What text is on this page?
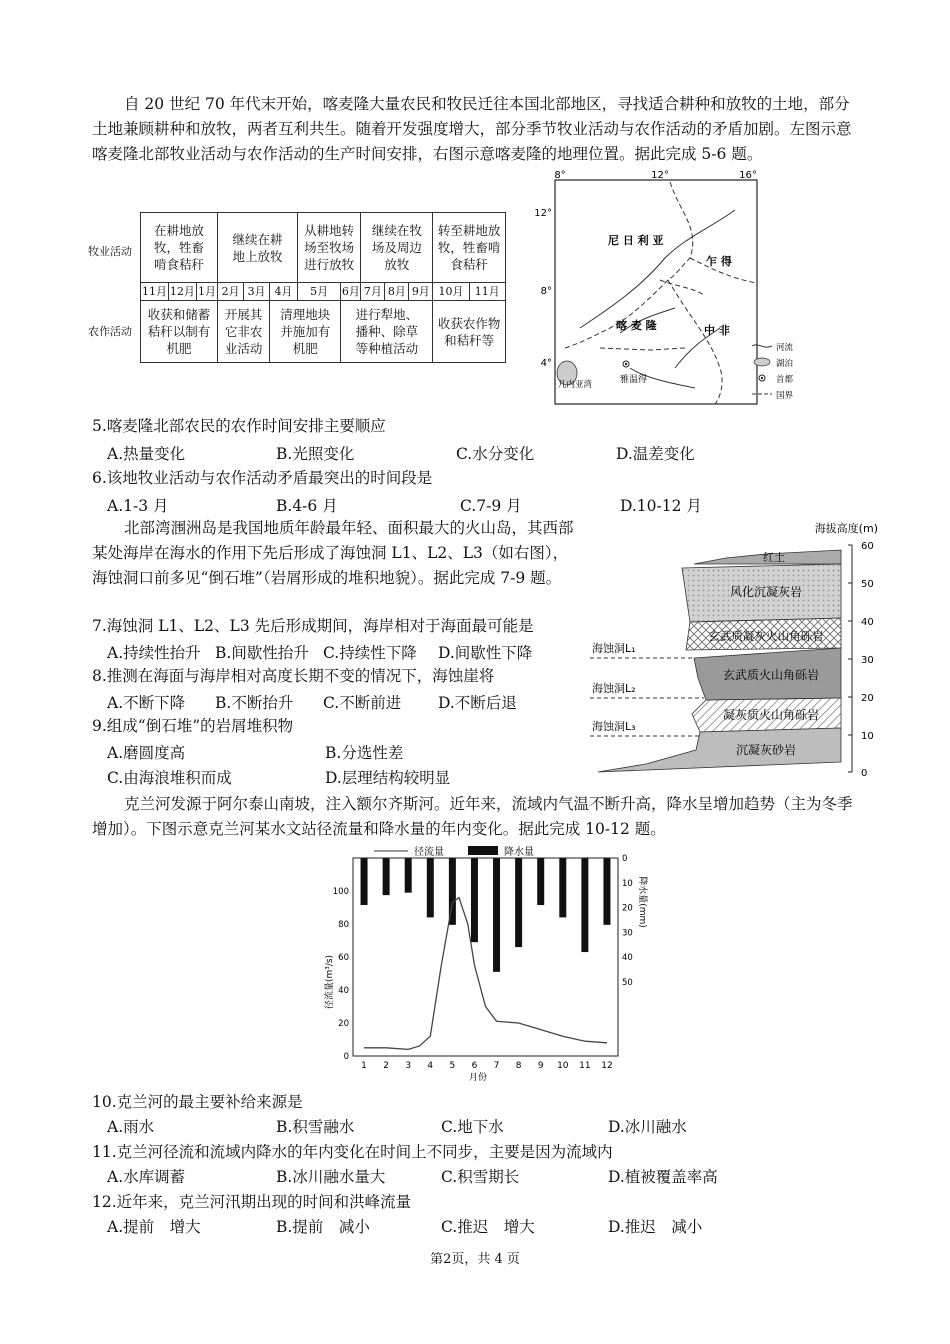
自 20 世纪 70 年代末开始，喀麦隆大量农民和牧民迁往本国北部地区，寻找适合耕种和放牧的土地，部分土地兼顾耕种和放牧，两者互利共生。随着开发强度增大，部分季节牧业活动与农作活动的矛盾加剧。左图示意喀麦隆北部牧业活动与农作活动的生产时间安排，右图示意喀麦隆的地理位置。据此完成 5-6 题。
牧业活动
农作活动
在耕地放牧，牲畜啃食秸秆			继续在耕地上放牧			从耕地转场至牧场进行放牧		继续在牧场及周边放牧			转至耕地放牧，牲畜啃食秸秆	
11月	12月	1月	2月	3月	4月	5月	6月	7月	8月	9月	10月	11月
收获和储蓄秸秆以制有机肥			开展其它非农业活动		清理地块并施加有机肥		进行犁地、播种、除草等种植活动				收获农作物和秸秆等	
8°	12°	16°
12°
8°
4°
尼 日 利 亚
乍 得
喀 麦 隆	中 非
几内亚湾	雅温得
河流
湖泊
首都
国界
5.喀麦隆北部农民的农作时间安排主要顺应
A.热量变化	B.光照变化	C.水分变化	D.温差变化
6.该地牧业活动与农作活动矛盾最突出的时间段是
A.1-3 月	B.4-6 月	C.7-9 月	D.10-12 月
北部湾涠洲岛是我国地质年龄最年轻、面积最大的火山岛，其西部某处海岸在海水的作用下先后形成了海蚀洞 L1、L2、L3（如右图），海蚀洞口前多见“倒石堆”（岩屑形成的堆积地貌）。据此完成 7-9 题。
7.海蚀洞 L1、L2、L3 先后形成期间，海岸相对于海面最可能是
A.持续性抬升 B.间歇性抬升 C.持续性下降 D.间歇性下降
8.推测在海面与海岸相对高度长期不变的情况下，海蚀崖将
A.不断下降 B.不断抬升 C.不断前进 D.不断后退
9.组成“倒石堆”的岩屑堆积物
A.磨圆度高	B.分选性差
C.由海浪堆积而成	D.层理结构较明显
海拔高度(m)
60
50
40
30
20
10
0
红土
风化沉凝灰岩
玄武质凝灰火山角砾岩
玄武质火山角砾岩
凝灰质火山角砾岩
沉凝灰砂岩
海蚀洞L₁
海蚀洞L₂
海蚀洞L₃
克兰河发源于阿尔泰山南坡，注入额尔齐斯河。近年来，流域内气温不断升高，降水呈增加趋势（主为冬季增加）。下图示意克兰河某水文站径流量和降水量的年内变化。据此完成 10-12 题。
径流量	降水量
1 2 3 4 5 6 7 8 9 10 11 12
0
20
40
60
80
100
0
10
20
30
40
50
月份
径流量(m³/s)
降水量(mm)
10.克兰河的最主要补给来源是
A.雨水	B.积雪融水	C.地下水	D.冰川融水
11.克兰河径流和流域内降水的年内变化在时间上不同步，主要是因为流域内
A.水库调蓄	B.冰川融水量大	C.积雪期长	D.植被覆盖率高
12.近年来，克兰河汛期出现的时间和洪峰流量
A.提前　增大	B.提前　减小	C.推迟　增大	D.推迟　减小
第2页，共 4 页
